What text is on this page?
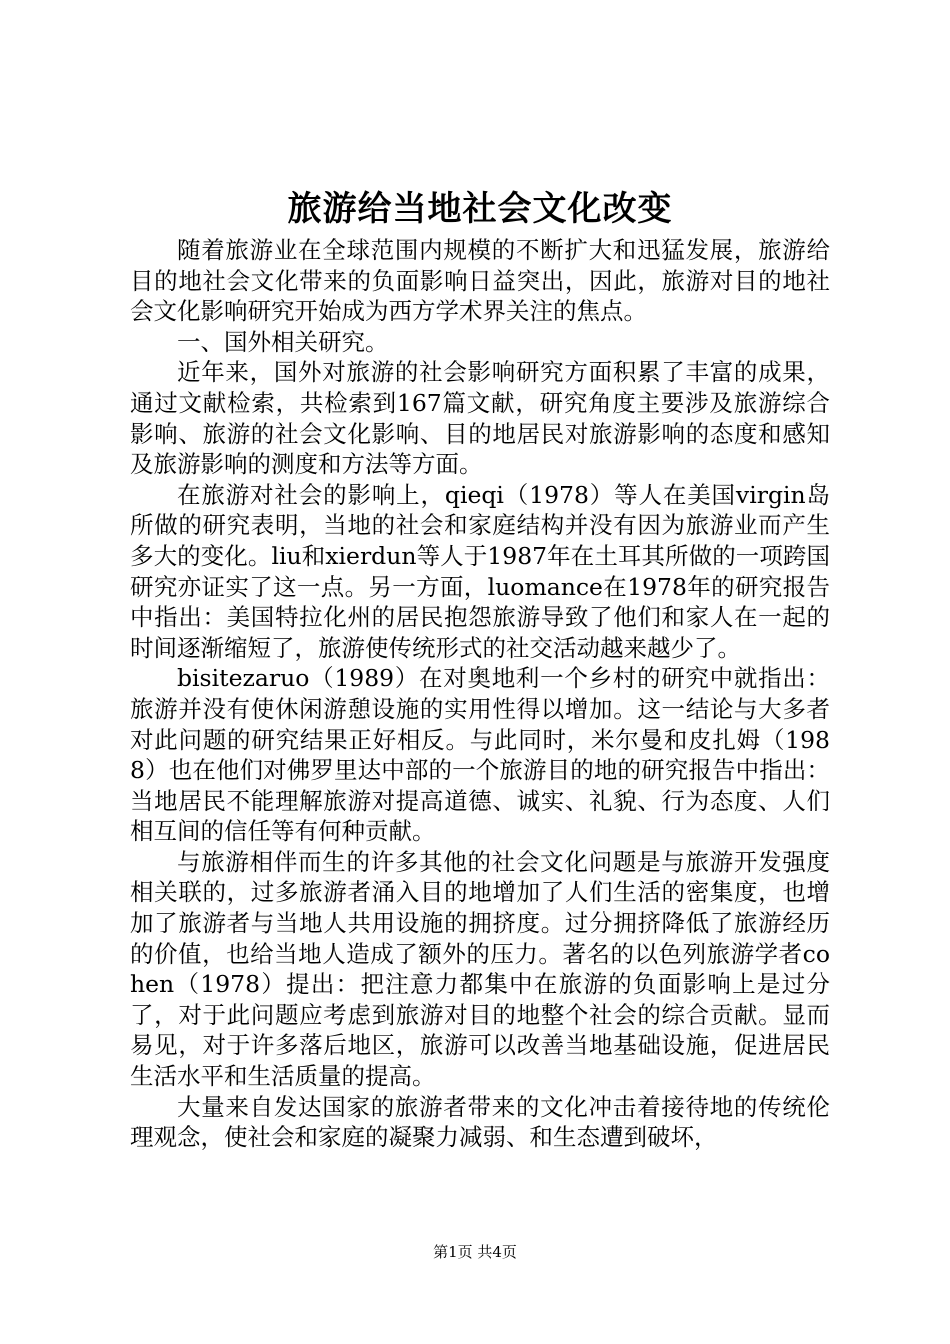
旅游给当地社会文化改变

随着旅游业在全球范围内规模的不断扩大和迅猛发展，旅游给目的地社会文化带来的负面影响日益突出，因此，旅游对目的地社会文化影响研究开始成为西方学术界关注的焦点。

一、国外相关研究。

近年来，国外对旅游的社会影响研究方面积累了丰富的成果，通过文献检索，共检索到167篇文献，研究角度主要涉及旅游综合影响、旅游的社会文化影响、目的地居民对旅游影响的态度和感知及旅游影响的测度和方法等方面。

在旅游对社会的影响上，qieqi（1978）等人在美国virgin岛所做的研究表明，当地的社会和家庭结构并没有因为旅游业而产生多大的变化。liu和xierdun等人于1987年在土耳其所做的一项跨国研究亦证实了这一点。另一方面，luomance在1978年的研究报告中指出：美国特拉化州的居民抱怨旅游导致了他们和家人在一起的时间逐渐缩短了，旅游使传统形式的社交活动越来越少了。

bisitezaruo（1989）在对奥地利一个乡村的研究中就指出：旅游并没有使休闲游憩设施的实用性得以增加。这一结论与大多者对此问题的研究结果正好相反。与此同时，米尔曼和皮扎姆（1988）也在他们对佛罗里达中部的一个旅游目的地的研究报告中指出：当地居民不能理解旅游对提高道德、诚实、礼貌、行为态度、人们相互间的信任等有何种贡献。

与旅游相伴而生的许多其他的社会文化问题是与旅游开发强度相关联的，过多旅游者涌入目的地增加了人们生活的密集度，也增加了旅游者与当地人共用设施的拥挤度。过分拥挤降低了旅游经历的价值，也给当地人造成了额外的压力。著名的以色列旅游学者cohen（1978）提出：把注意力都集中在旅游的负面影响上是过分了，对于此问题应考虑到旅游对目的地整个社会的综合贡献。显而易见，对于许多落后地区，旅游可以改善当地基础设施，促进居民生活水平和生活质量的提高。

大量来自发达国家的旅游者带来的文化冲击着接待地的传统伦理观念，使社会和家庭的凝聚力减弱、和生态遭到破坏，

第1页 共4页
